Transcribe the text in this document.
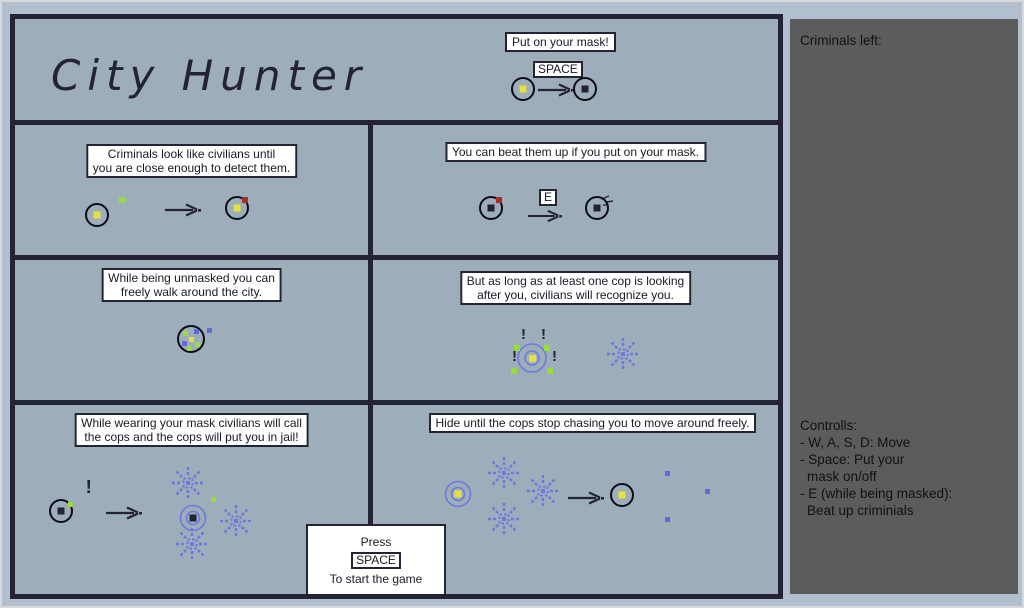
City Hunter
Put on your mask!
SPACE
Criminals look like civilians until
you are close enough to detect them.
You can beat them up if you put on your mask.
E
While being unmasked you can
freely walk around the city.
But as long as at least one cop is looking
after you, civilians will recognize you.
! !
! !
While wearing your mask civilians will call
the cops and the cops will put you in jail!
!
Hide until the cops stop chasing you to move around freely.
Press
SPACE
To start the game
Criminals left:
Controlls:
- W, A, S, D: Move
- Space: Put your
mask on/off
- E (while being masked):
Beat up criminials
